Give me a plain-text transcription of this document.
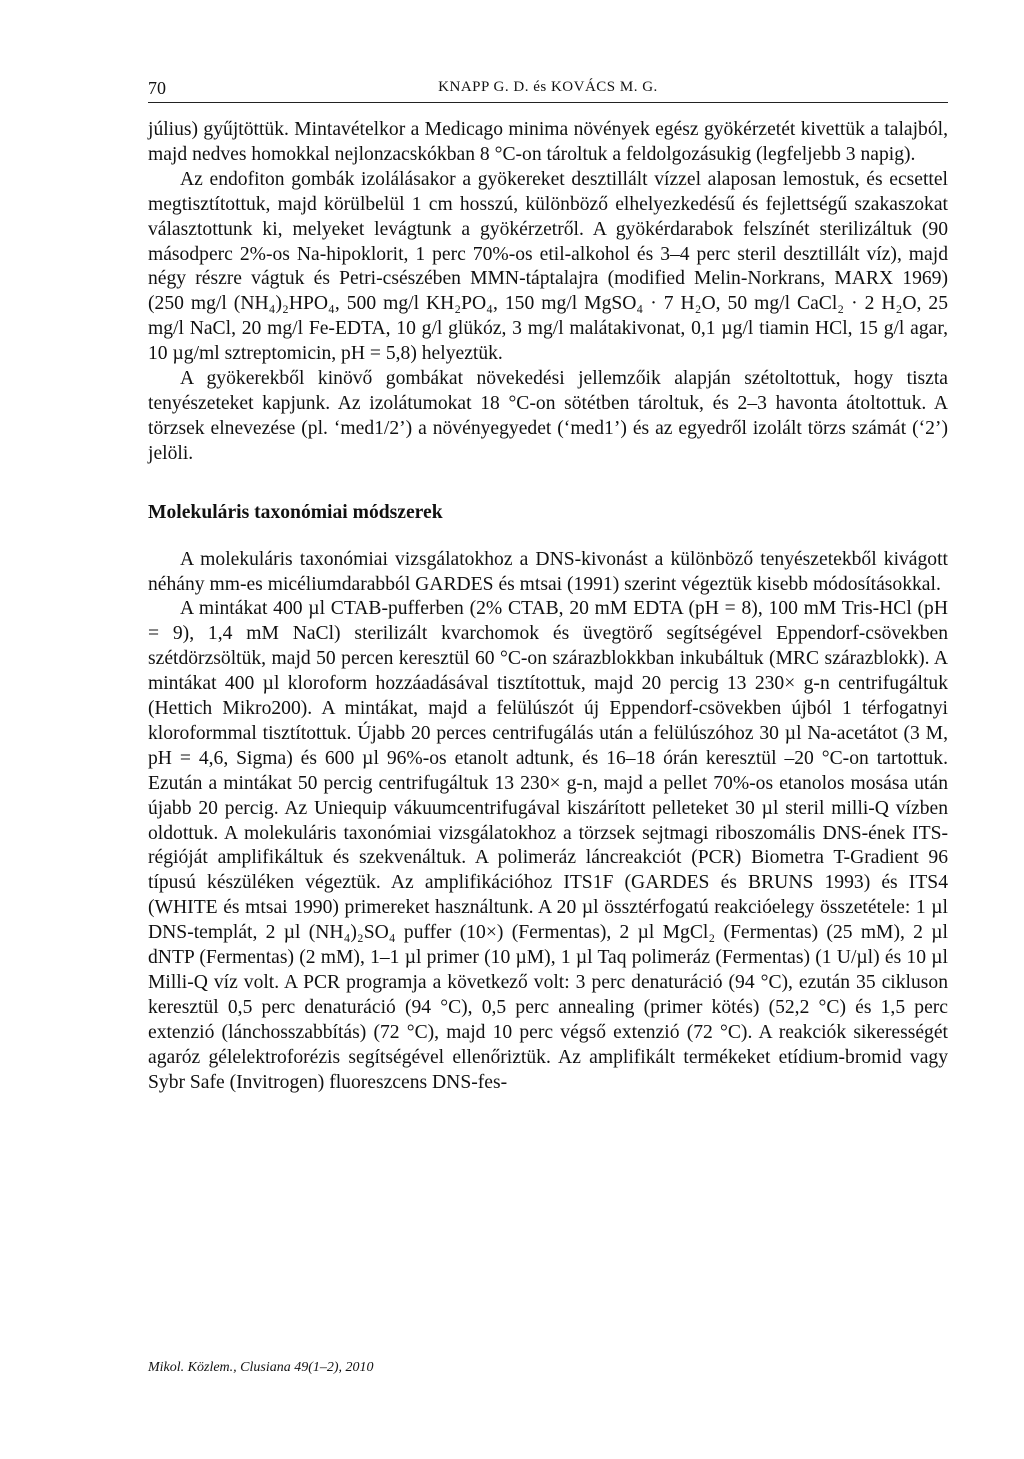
70	KNAPP G. D. és KOVÁCS M. G.

július) gyűjtöttük. Mintavételkor a Medicago minima növények egész gyökérzetét kivettük a talajból, majd nedves homokkal nejlonzacskókban 8 °C-on tároltuk a feldolgozásukig (legfeljebb 3 napig).

Az endofiton gombák izolálásakor a gyökereket desztillált vízzel alaposan lemostuk, és ecsettel megtisztítottuk, majd körülbelül 1 cm hosszú, különböző elhelyezkedésű és fejlettségű szakaszokat választottunk ki, melyeket levágtunk a gyökérzetről. A gyökérdarabok felszínét sterilizáltuk (90 másodperc 2%-os Na-hipoklorit, 1 perc 70%-os etil-alkohol és 3–4 perc steril desztillált víz), majd négy részre vágtuk és Petri-csészében MMN-táptalajra (modified Melin-Norkrans, MARX 1969) (250 mg/l (NH₄)₂HPO₄, 500 mg/l KH₂PO₄, 150 mg/l MgSO₄ · 7 H₂O, 50 mg/l CaCl₂ · 2 H₂O, 25 mg/l NaCl, 20 mg/l Fe-EDTA, 10 g/l glükóz, 3 mg/l malátakivonat, 0,1 µg/l tiamin HCl, 15 g/l agar, 10 µg/ml sztreptomicin, pH = 5,8) helyeztük.

A gyökerekből kinövő gombákat növekedési jellemzőik alapján szétoltottuk, hogy tiszta tenyészeteket kapjunk. Az izolátumokat 18 °C-on sötétben tároltuk, és 2–3 havonta átoltottuk. A törzsek elnevezése (pl. ‘med1/2’) a növényegyedet (‘med1’) és az egyedről izolált törzs számát (‘2’) jelöli.

Molekuláris taxonómiai módszerek

A molekuláris taxonómiai vizsgálatokhoz a DNS-kivonást a különböző tenyészetekből kivágott néhány mm-es micéliumdarabból GARDES és mtsai (1991) szerint végeztük kisebb módosításokkal.

A mintákat 400 µl CTAB-pufferben (2% CTAB, 20 mM EDTA (pH = 8), 100 mM Tris-HCl (pH = 9), 1,4 mM NaCl) sterilizált kvarchomok és üvegtörő segítségével Eppendorf-csövekben szétdörzsöltük, majd 50 percen keresztül 60 °C-on szárazblokkban inkubáltuk (MRC szárazblokk). A mintákat 400 µl kloroform hozzáadásával tisztítottuk, majd 20 percig 13 230× g-n centrifugáltuk (Hettich Mikro200). A mintákat, majd a felülúszót új Eppendorf-csövekben újból 1 térfogatnyi kloroformmal tisztítottuk. Újabb 20 perces centrifugálás után a felülúszóhoz 30 µl Na-acetátot (3 M, pH = 4,6, Sigma) és 600 µl 96%-os etanolt adtunk, és 16–18 órán keresztül –20 °C-on tartottuk. Ezután a mintákat 50 percig centrifugáltuk 13 230× g-n, majd a pellet 70%-os etanolos mosása után újabb 20 percig. Az Uniequip vákuumcentrifugával kiszárított pelleteket 30 µl steril milli-Q vízben oldottuk. A molekuláris taxonómiai vizsgálatokhoz a törzsek sejtmagi riboszomális DNS-ének ITS-régióját amplifikáltuk és szekvenáltuk. A polimeráz láncreakciót (PCR) Biometra T-Gradient 96 típusú készüléken végeztük. Az amplifikációhoz ITS1F (GARDES és BRUNS 1993) és ITS4 (WHITE és mtsai 1990) primereket használtunk. A 20 µl össztérfogatú reakcióelegy összetétele: 1 µl DNS-templát, 2 µl (NH₄)₂SO₄ puffer (10×) (Fermentas), 2 µl MgCl₂ (Fermentas) (25 mM), 2 µl dNTP (Fermentas) (2 mM), 1–1 µl primer (10 µM), 1 µl Taq polimeráz (Fermentas) (1 U/µl) és 10 µl Milli-Q víz volt. A PCR programja a következő volt: 3 perc denaturáció (94 °C), ezután 35 cikluson keresztül 0,5 perc denaturáció (94 °C), 0,5 perc annealing (primer kötés) (52,2 °C) és 1,5 perc extenzió (lánchosszabbítás) (72 °C), majd 10 perc végső extenzió (72 °C). A reakciók sikerességét agaróz gélelektroforézis segítségével ellenőriztük. Az amplifikált termékeket etídium-bromid vagy Sybr Safe (Invitrogen) fluoreszcens DNS-fes-

Mikol. Közlem., Clusiana 49(1–2), 2010
